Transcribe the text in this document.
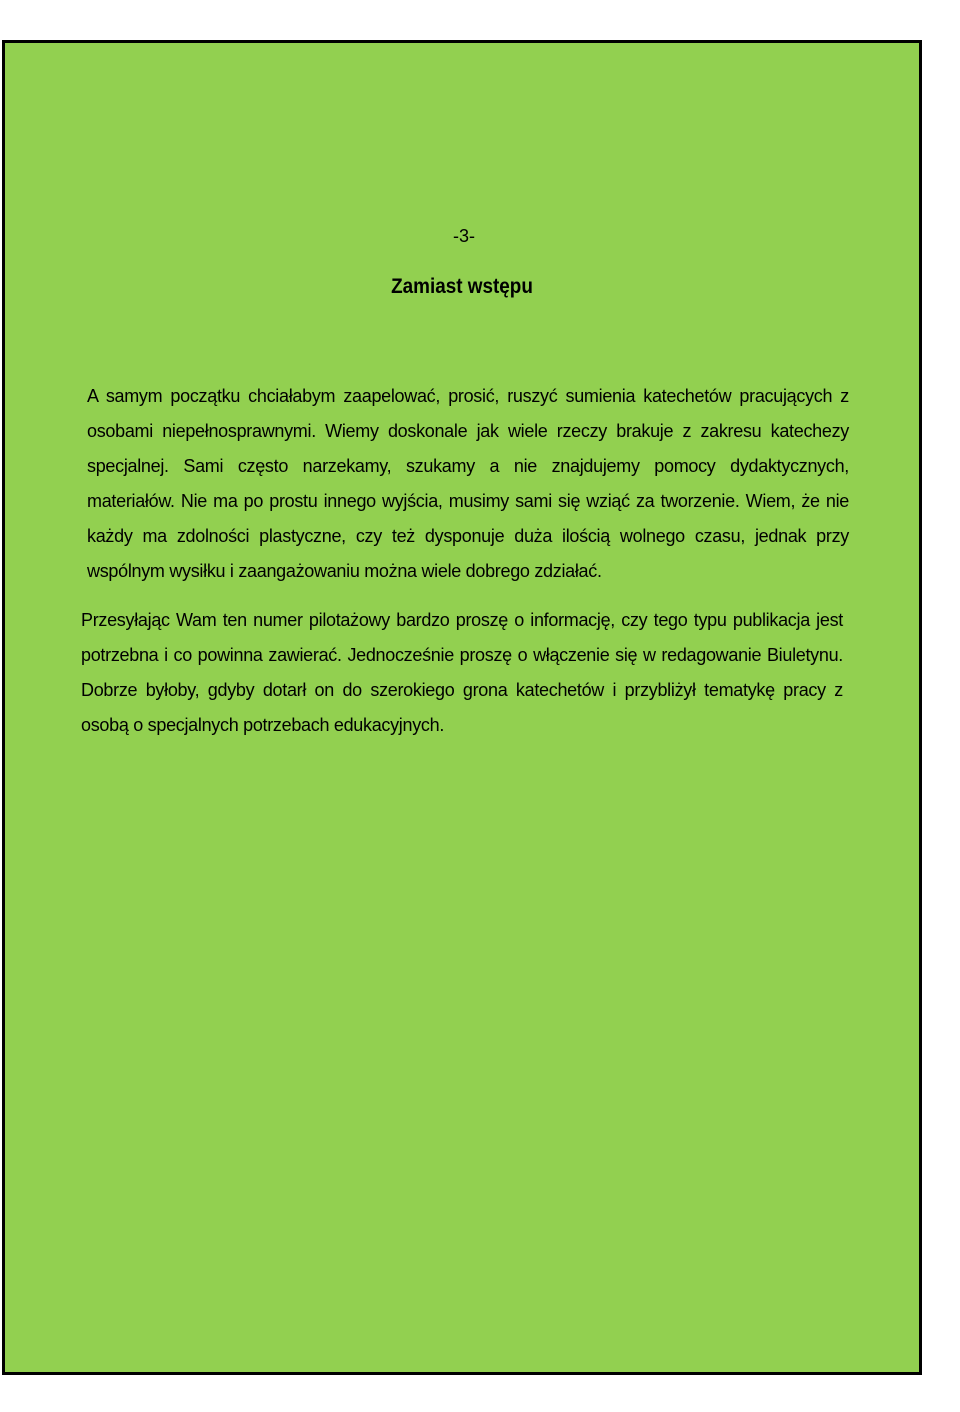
-3-
Zamiast wstępu

A samym początku chciałabym zaapelować, prosić, ruszyć sumienia katechetów pracujących z osobami niepełnosprawnymi. Wiemy doskonale jak wiele rzeczy brakuje z zakresu katechezy specjalnej. Sami często narzekamy, szukamy a nie znajdujemy pomocy dydaktycznych, materiałów. Nie ma po prostu innego wyjścia, musimy sami się wziąć za tworzenie. Wiem, że nie każdy ma zdolności plastyczne, czy też dysponuje duża ilością wolnego czasu, jednak przy wspólnym wysiłku i zaangażowaniu można wiele dobrego zdziałać.

Przesyłając Wam ten numer pilotażowy bardzo proszę o informację, czy tego typu publikacja jest potrzebna i co powinna zawierać. Jednocześnie proszę o włączenie się w redagowanie Biuletynu. Dobrze byłoby, gdyby dotarł on do szerokiego grona katechetów i przybliżył tematykę pracy z osobą o specjalnych potrzebach edukacyjnych.
